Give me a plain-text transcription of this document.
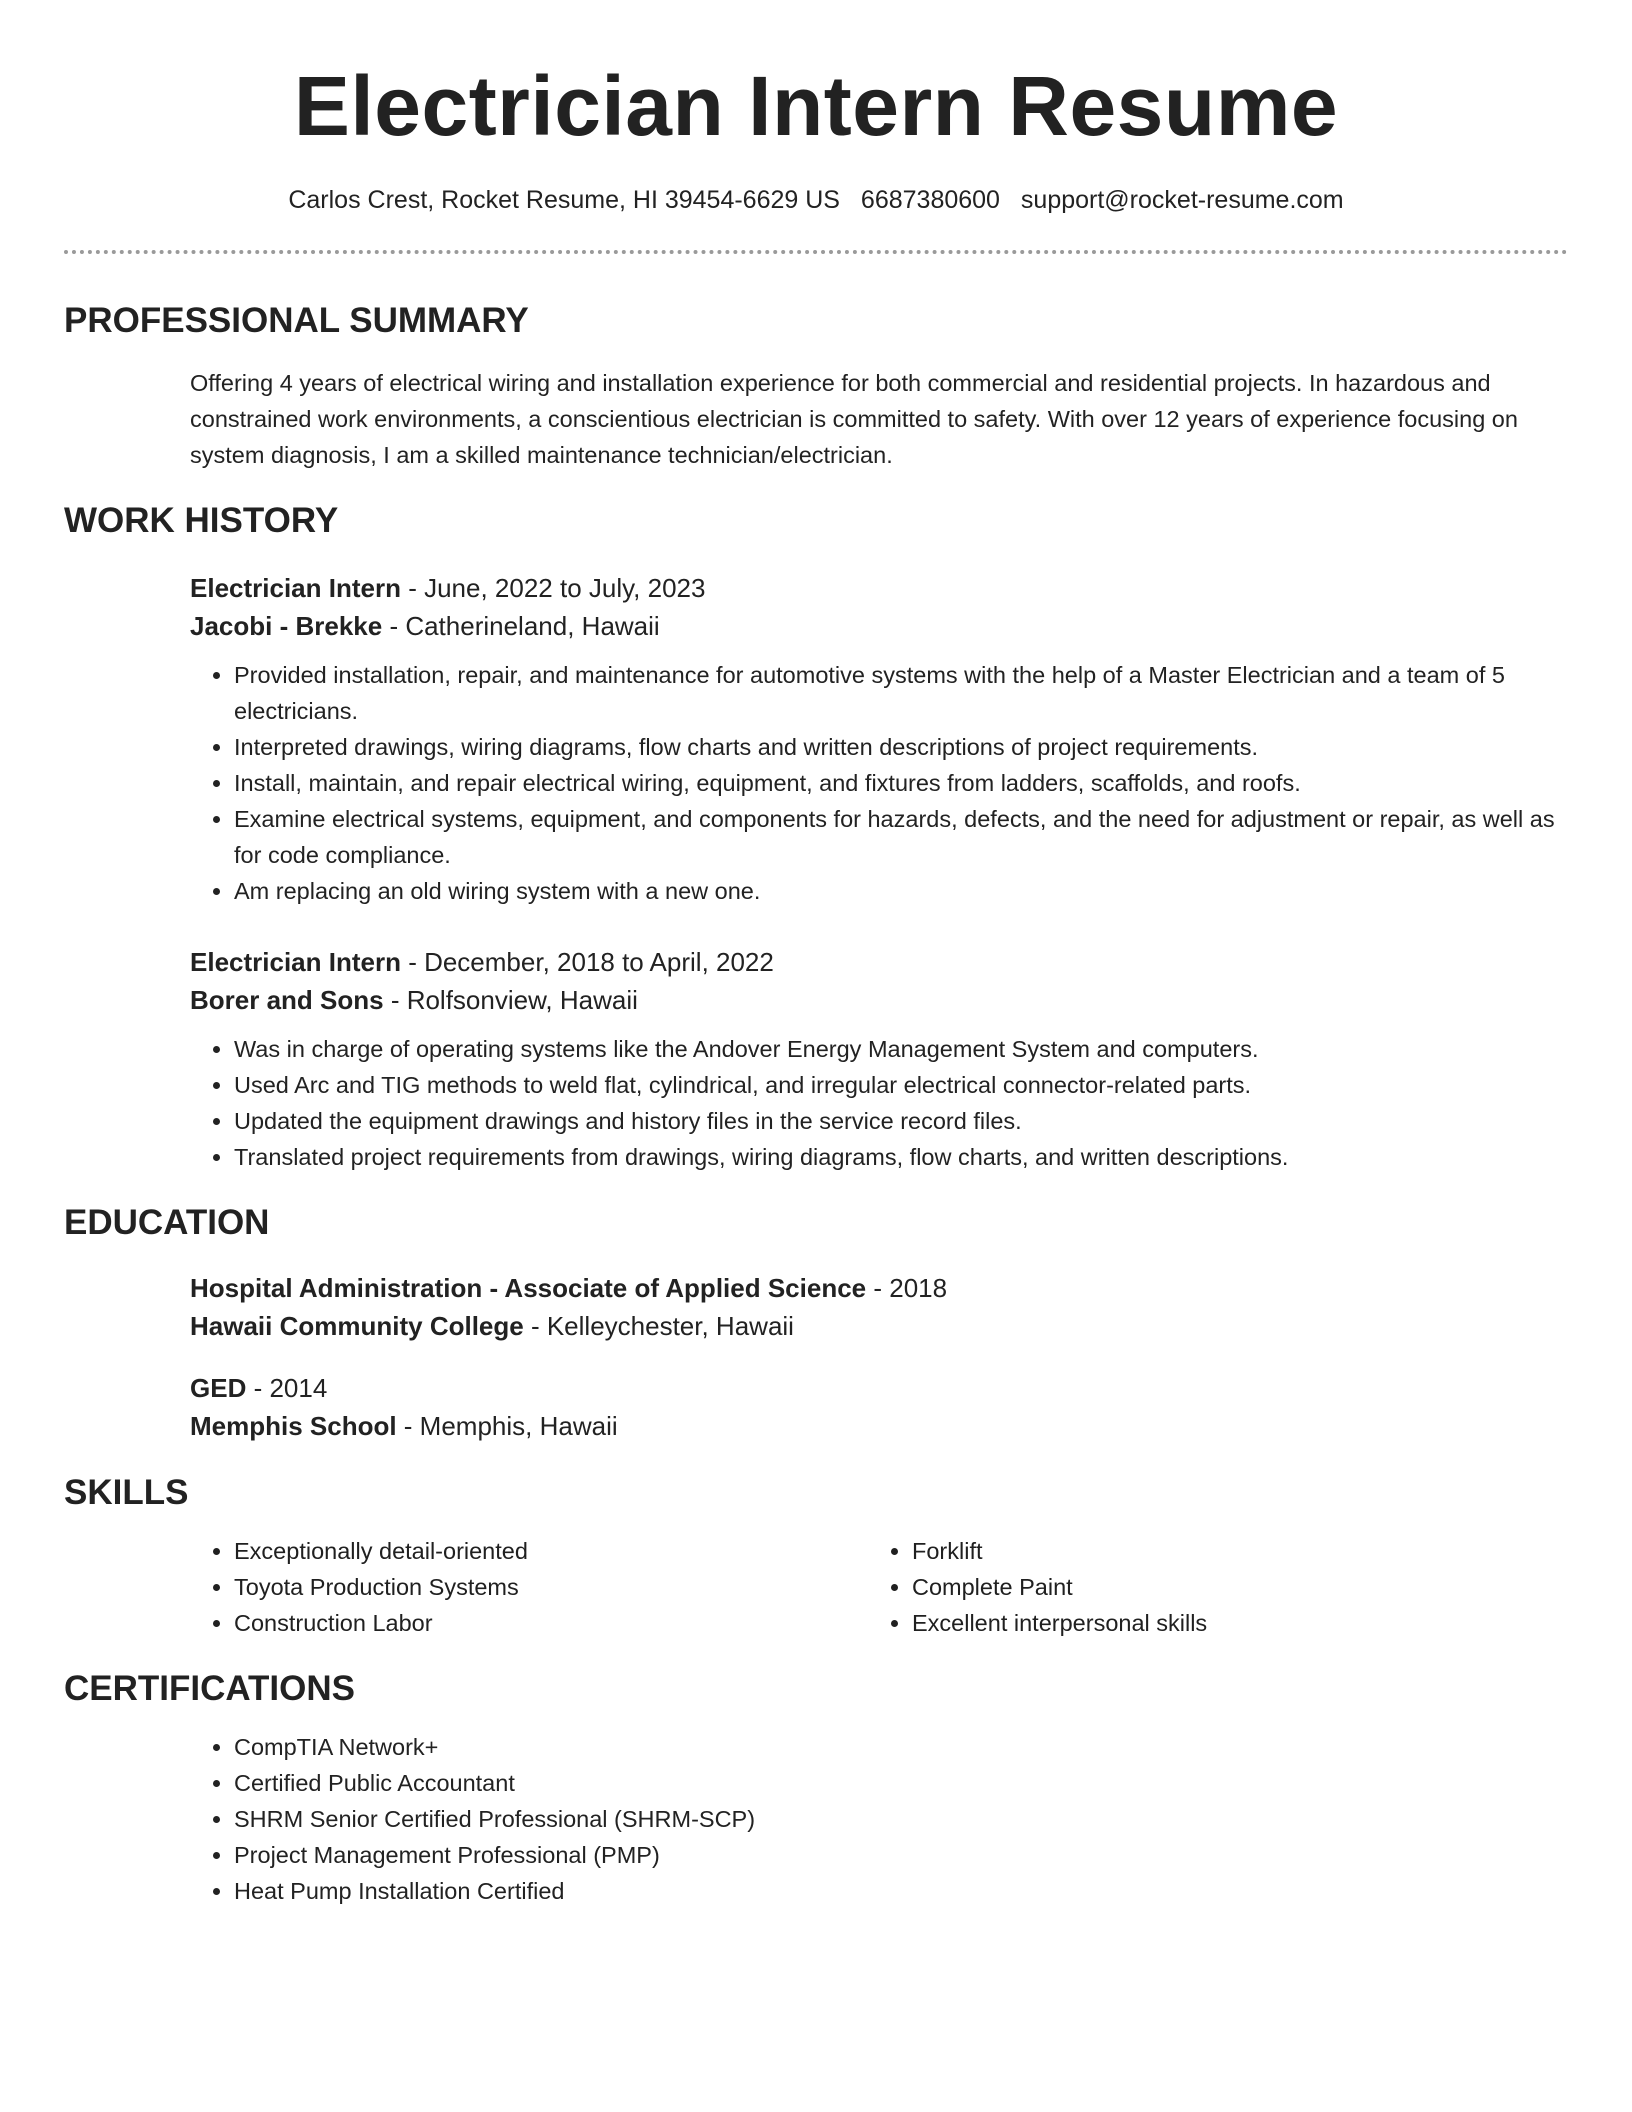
Electrician Intern Resume
Carlos Crest, Rocket Resume, HI 39454-6629 US 6687380600 support@rocket-resume.com
PROFESSIONAL SUMMARY
Offering 4 years of electrical wiring and installation experience for both commercial and residential projects. In hazardous and constrained work environments, a conscientious electrician is committed to safety. With over 12 years of experience focusing on system diagnosis, I am a skilled maintenance technician/electrician.
WORK HISTORY
Electrician Intern - June, 2022 to July, 2023
Jacobi - Brekke - Catherineland, Hawaii
• Provided installation, repair, and maintenance for automotive systems with the help of a Master Electrician and a team of 5 electricians.
• Interpreted drawings, wiring diagrams, flow charts and written descriptions of project requirements.
• Install, maintain, and repair electrical wiring, equipment, and fixtures from ladders, scaffolds, and roofs.
• Examine electrical systems, equipment, and components for hazards, defects, and the need for adjustment or repair, as well as for code compliance.
• Am replacing an old wiring system with a new one.
Electrician Intern - December, 2018 to April, 2022
Borer and Sons - Rolfsonview, Hawaii
• Was in charge of operating systems like the Andover Energy Management System and computers.
• Used Arc and TIG methods to weld flat, cylindrical, and irregular electrical connector-related parts.
• Updated the equipment drawings and history files in the service record files.
• Translated project requirements from drawings, wiring diagrams, flow charts, and written descriptions.
EDUCATION
Hospital Administration - Associate of Applied Science - 2018
Hawaii Community College - Kelleychester, Hawaii
GED - 2014
Memphis School - Memphis, Hawaii
SKILLS
• Exceptionally detail-oriented
• Toyota Production Systems
• Construction Labor
• Forklift
• Complete Paint
• Excellent interpersonal skills
CERTIFICATIONS
• CompTIA Network+
• Certified Public Accountant
• SHRM Senior Certified Professional (SHRM-SCP)
• Project Management Professional (PMP)
• Heat Pump Installation Certified
